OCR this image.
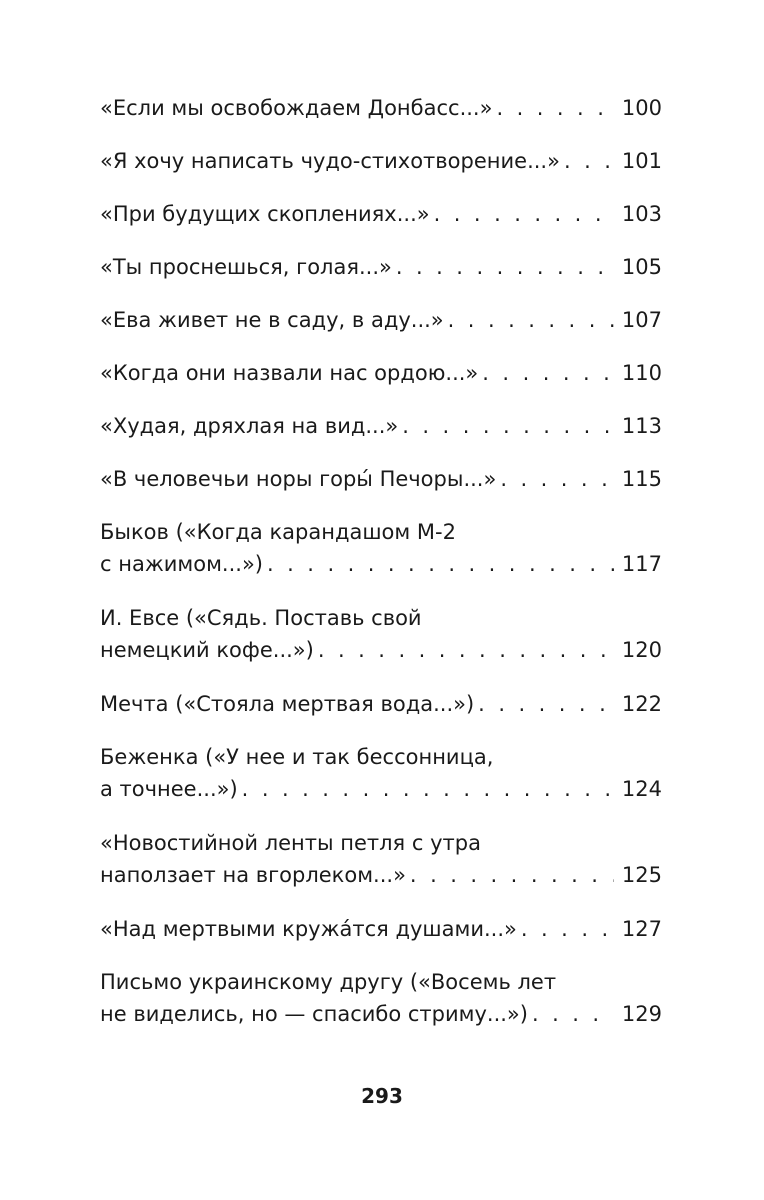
«Если мы освобождаем Донбасс...» . . .	100
«Я хочу написать чудо-стихотворение...» . . .	101
«При будущих скоплениях...» . . .	103
«Ты проснешься, голая...» . . .	105
«Ева живет не в саду, в аду...» . . .	107
«Когда они назвали нас ордою...» . . .	110
«Худая, дряхлая на вид...» . . .	113
«В человечьи норы горы́ Печоры...» . . .	115
Быков («Когда карандашом М-2
с нажимом...») . . .	117
И. Евсе («Сядь. Поставь свой
немецкий кофе...») . . .	120
Мечта («Стояла мертвая вода...») . . .	122
Беженка («У нее и так бессонница,
а точнее...») . . .	124
«Новостийной ленты петля с утра
наползает на вгорлеком...» . . .	125
«Над мертвыми кружа́тся душами...» . . .	127
Письмо украинскому другу («Восемь лет
не виделись, но — спасибо стриму...») . . .	129
293
